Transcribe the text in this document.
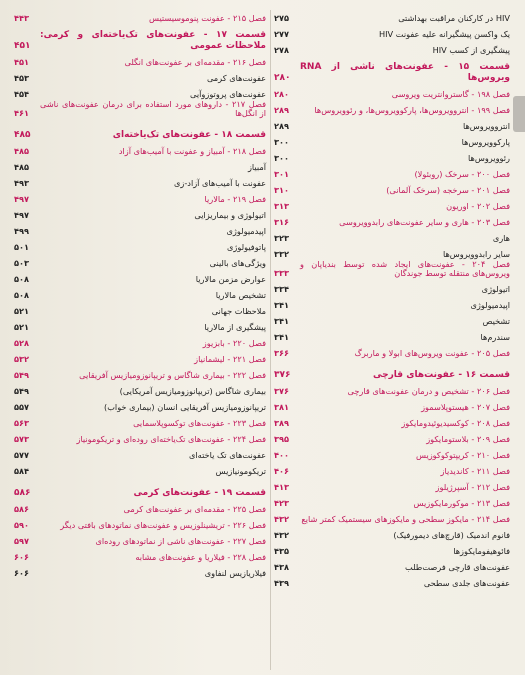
HIV در کارکنان مراقبت بهداشتی
۲۷۵
یک واکسن پیشگیرانه علیه عفونت HIV
۲۷۷
پیشگیری از کسب HIV
۲۷۸
قسمت ۱۵ - عفونت‌های ناشی از RNA ویروس‌ها
۲۸۰
فصل ۱۹۸ - گاستروانتریت ویروسی
۲۸۰
فصل ۱۹۹ - انتروویروس‌ها، پارکوویروس‌ها، و رئوویروس‌ها
۲۸۹
انتروویروس‌ها
۲۸۹
پارکوویروس‌ها
۳۰۰
رئوویروس‌ها
۳۰۰
فصل ۲۰۰ - سرخک (روبئولا)
۳۰۱
فصل ۲۰۱ - سرخجه (سرخک آلمانی)
۳۱۰
فصل ۲۰۲ - اوریون
۳۱۳
فصل ۲۰۳ - هاری و سایر عفونت‌های رابدوویروسی
۳۱۶
هاری
۳۲۳
سایر رابدوویروس‌ها
۳۳۲
فصل ۲۰۴ - عفونت‌های ایجاد شده توسط بندیاپان و ویروس‌های منتقله توسط جوندگان
۳۳۳
اتیولوژی
۳۳۴
اپیدمیولوژی
۳۴۱
تشخیص
۳۴۱
سندرم‌ها
۳۴۱
فصل ۲۰۵ - عفونت ویروس‌های ابولا و ماربرگ
۳۶۶
قسمت ۱۶ - عفونت‌های قارچی
۳۷۶
فصل ۲۰۶ - تشخیص و درمان عفونت‌های قارچی
۳۷۶
فصل ۲۰۷ - هیستوپلاسموز
۳۸۱
فصل ۲۰۸ - کوکسیدیوئیدومایکوز
۳۸۹
فصل ۲۰۹ - بلاستومایکوز
۳۹۵
فصل ۲۱۰ - کریپتوکوکوزیس
۴۰۰
فصل ۲۱۱ - کاندیدیاز
۴۰۶
فصل ۲۱۲ - آسپرژیلوز
۴۱۳
فصل ۲۱۳ - موکورمایکوزیس
۴۲۳
فصل ۲۱۴ - مایکوز سطحی و مایکوزهای سیستمیک کمتر شایع
۴۳۲
فانوم اندمیک (قارچ‌های دیمورفیک)
۴۳۲
فائوهیفومایکوزها
۴۳۵
عفونت‌های قارچی فرصت‌طلب
۴۳۸
عفونت‌های جلدی سطحی
۴۳۹
فصل ۲۱۵ - عفونت پنوموسیستیس
۴۴۳
قسمت ۱۷ - عفونت‌های تک‌یاخته‌ای و کرمی: ملاحظات عمومی
۴۵۱
فصل ۲۱۶ - مقدمه‌ای بر عفونت‌های انگلی
۴۵۱
عفونت‌های کرمی
۴۵۳
عفونت‌های پروتوزوآیی
۴۵۴
فصل ۲۱۷ - داروهای مورد استفاده برای درمان عفونت‌های ناشی از انگل‌ها
۴۶۱
قسمت ۱۸ - عفونت‌های تک‌یاخته‌ای
۴۸۵
فصل ۲۱۸ - آمبیاز و عفونت با آمیب‌های آزاد
۴۸۵
آمبیاز
۴۸۵
عفونت با آمیب‌های آزاد-زی
۴۹۳
فصل ۲۱۹ - مالاریا
۴۹۷
اتیولوژی و بیماریزایی
۴۹۷
اپیدمیولوژی
۴۹۹
پاتوفیولوژی
۵۰۱
ویژگی‌های بالینی
۵۰۳
عوارض مزمن مالاریا
۵۰۸
تشخیص مالاریا
۵۰۸
ملاحظات جهانی
۵۲۱
پیشگیری از مالاریا
۵۲۱
فصل ۲۲۰ - بابزیوز
۵۲۸
فصل ۲۲۱ - لیشمانیاز
۵۳۲
فصل ۲۲۲ - بیماری شاگاس و تریپانوزومیازیس آفریقایی
۵۴۹
بیماری شاگاس (تریپانوزومیازیس آمریکایی)
۵۴۹
تریپانوزومیازیس آفریقایی انسان (بیماری خواب)
۵۵۷
فصل ۲۲۳ - عفونت‌های توکسوپلاسمایی
۵۶۳
فصل ۲۲۴ - عفونت‌های تک‌یاخته‌ای روده‌ای و تریکومونیاز
۵۷۳
عفونت‌های تک یاخته‌ای
۵۷۷
تریکومونیازیس
۵۸۴
قسمت ۱۹ - عفونت‌های کرمی
۵۸۶
فصل ۲۲۵ - مقدمه‌ای بر عفونت‌های کرمی
۵۸۶
فصل ۲۲۶ - تریشینلوزیس و عفونت‌های نماتودهای بافتی دیگر
۵۹۰
فصل ۲۲۷ - عفونت‌های ناشی از نماتودهای روده‌ای
۵۹۷
فصل ۲۲۸ - فیلاریا و عفونت‌های مشابه
۶۰۶
فیلاریازیس لنفاوی
۶۰۶
